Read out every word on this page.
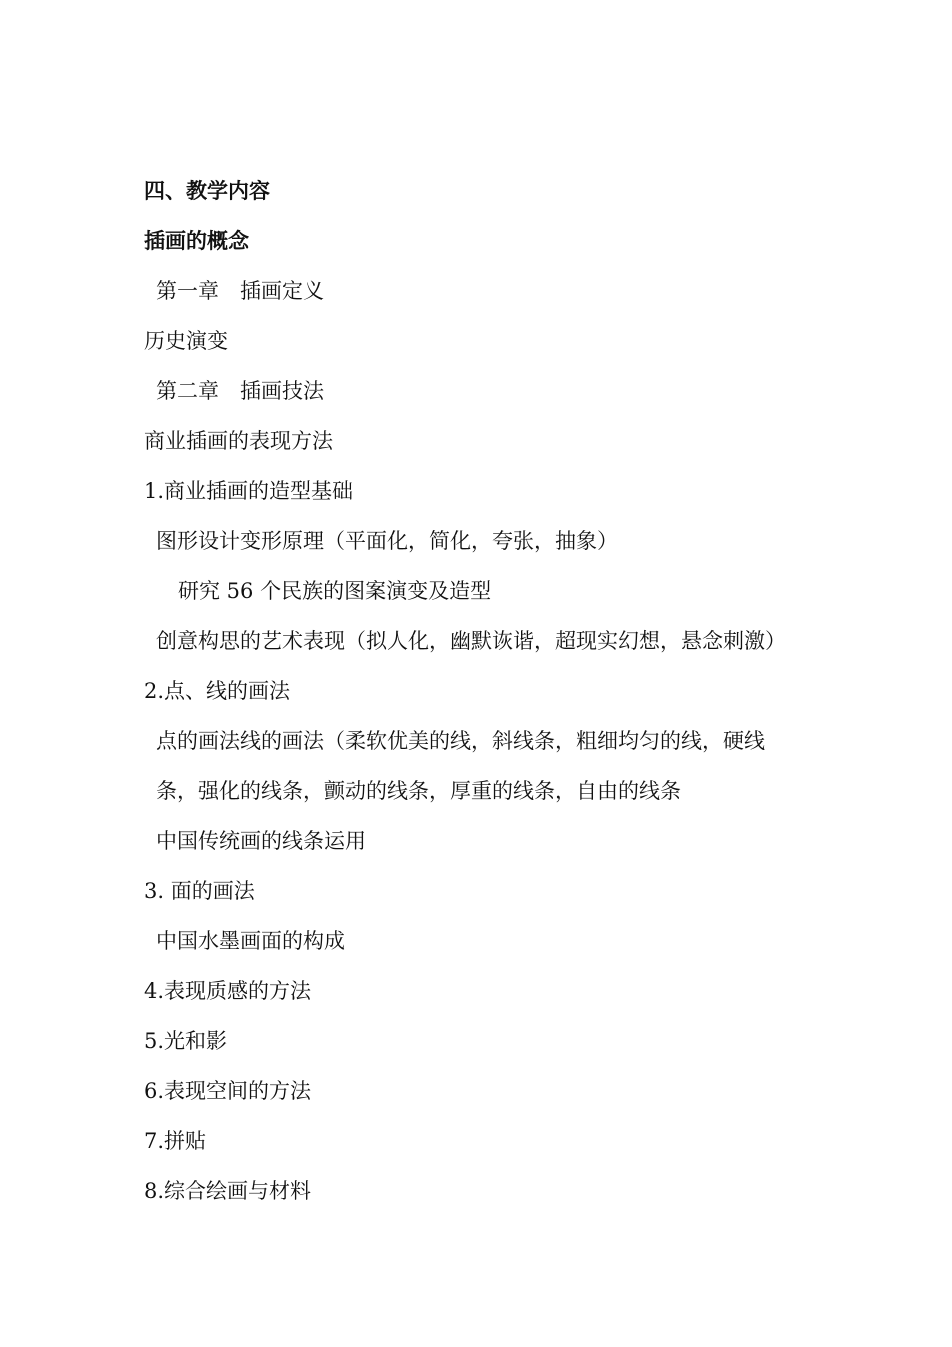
四、教学内容
插画的概念
第一章　插画定义
历史演变
第二章　插画技法
商业插画的表现方法
1.商业插画的造型基础
图形设计变形原理（平面化，简化，夸张，抽象）
研究 56 个民族的图案演变及造型
创意构思的艺术表现（拟人化，幽默诙谐，超现实幻想，悬念刺激）
2.点、线的画法
点的画法线的画法（柔软优美的线，斜线条，粗细均匀的线，硬线
条，强化的线条，颤动的线条，厚重的线条，自由的线条
中国传统画的线条运用
3. 面的画法
中国水墨画面的构成
4.表现质感的方法
5.光和影
6.表现空间的方法
7.拼贴
8.综合绘画与材料
